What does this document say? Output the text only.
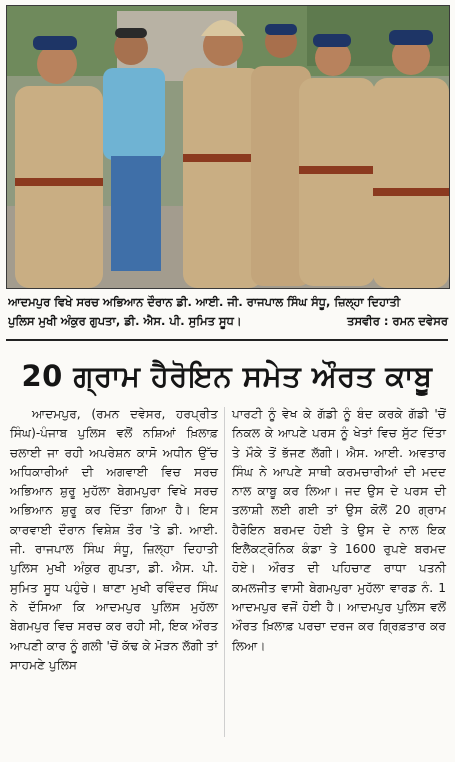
ਆਦਮਪੁਰ ਵਿਖੇ ਸਰਚ ਅਭਿਆਨ ਦੌਰਾਨ ਡੀ. ਆਈ. ਜੀ. ਰਾਜਪਾਲ ਸਿੰਘ ਸੰਧੂ, ਜ਼ਿਲ੍ਹਾ ਦਿਹਾਤੀ
ਪੁਲਿਸ ਮੁਖੀ ਅੰਕੁਰ ਗੁਪਤਾ, ਡੀ. ਐਸ. ਪੀ. ਸੁਮਿਤ ਸੂਧ।	ਤਸਵੀਰ : ਰਮਨ ਦਵੇਸਰ
20 ਗ੍ਰਾਮ ਹੈਰੋਇਨ ਸਮੇਤ ਔਰਤ ਕਾਬੂ

ਆਦਮਪੁਰ, (ਰਮਨ ਦਵੇਸਰ, ਹਰਪ੍ਰੀਤ ਸਿੰਘ)-ਪੰਜਾਬ ਪੁਲਿਸ ਵਲੋਂ ਨਸ਼ਿਆਂ ਖ਼ਿਲਾਫ਼ ਚਲਾਈ ਜਾ ਰਹੀ ਅਪਰੇਸ਼ਨ ਕਾਸੋ ਅਧੀਨ ਉੱਚ ਅਧਿਕਾਰੀਆਂ ਦੀ ਅਗਵਾਈ ਵਿਚ ਸਰਚ ਅਭਿਆਨ ਸ਼ੁਰੂ ਮੁਹੱਲਾ ਬੇਗਮਪੁਰਾ ਵਿਖੇ ਸਰਚ ਅਭਿਆਨ ਸ਼ੁਰੂ ਕਰ ਦਿੱਤਾ ਗਿਆ ਹੈ। ਇਸ ਕਾਰਵਾਈ ਦੌਰਾਨ ਵਿਸ਼ੇਸ਼ ਤੌਰ 'ਤੇ ਡੀ. ਆਈ. ਜੀ. ਰਾਜਪਾਲ ਸਿੰਘ ਸੰਧੂ, ਜ਼ਿਲ੍ਹਾ ਦਿਹਾਤੀ ਪੁਲਿਸ ਮੁਖੀ ਅੰਕੁਰ ਗੁਪਤਾ, ਡੀ. ਐਸ. ਪੀ. ਸੁਮਿਤ ਸੂਧ ਪਹੁੰਚੇ। ਥਾਣਾ ਮੁਖੀ ਰਵਿੰਦਰ ਸਿੰਘ ਨੇ ਦੱਸਿਆ ਕਿ ਆਦਮਪੁਰ ਪੁਲਿਸ ਮੁਹੱਲਾ ਬੇਗਮਪੁਰ ਵਿਚ ਸਰਚ ਕਰ ਰਹੀ ਸੀ, ਇਕ ਔਰਤ ਆਪਣੀ ਕਾਰ ਨੂੰ ਗਲੀ 'ਚੋਂ ਕੱਢ ਕੇ ਮੋੜਨ ਲੱਗੀ ਤਾਂ ਸਾਹਮਣੇ ਪੁਲਿਸ

ਪਾਰਟੀ ਨੂੰ ਵੇਖ ਕੇ ਗੱਡੀ ਨੂੰ ਬੰਦ ਕਰਕੇ ਗੱਡੀ 'ਚੋਂ ਨਿਕਲ ਕੇ ਆਪਣੇ ਪਰਸ ਨੂੰ ਖੇਤਾਂ ਵਿਚ ਸੁੱਟ ਦਿੱਤਾ ਤੇ ਮੌਕੇ ਤੋਂ ਭੱਜਣ ਲੱਗੀ। ਐਸ. ਆਈ. ਅਵਤਾਰ ਸਿੰਘ ਨੇ ਆਪਣੇ ਸਾਥੀ ਕਰਮਚਾਰੀਆਂ ਦੀ ਮਦਦ ਨਾਲ ਕਾਬੂ ਕਰ ਲਿਆ। ਜਦ ਉਸ ਦੇ ਪਰਸ ਦੀ ਤਲਾਸ਼ੀ ਲਈ ਗਈ ਤਾਂ ਉਸ ਕੋਲੋਂ 20 ਗ੍ਰਾਮ ਹੈਰੋਇਨ ਬਰਮਦ ਹੋਈ ਤੇ ਉਸ ਦੇ ਨਾਲ ਇਕ ਇਲੈਕਟ੍ਰੋਨਿਕ ਕੰਡਾ ਤੇ 1600 ਰੁਪਏ ਬਰਮਦ ਹੋਏ। ਔਰਤ ਦੀ ਪਹਿਚਾਣ ਰਾਧਾ ਪਤਨੀ ਕਮਲਜੀਤ ਵਾਸੀ ਬੇਗਮਪੁਰਾ ਮੁਹੱਲਾ ਵਾਰਡ ਨੰ. 1 ਆਦਮਪੁਰ ਵਜੋਂ ਹੋਈ ਹੈ। ਆਦਮਪੁਰ ਪੁਲਿਸ ਵਲੋਂ ਔਰਤ ਖ਼ਿਲਾਫ਼ ਪਰਚਾ ਦਰਜ ਕਰ ਗ੍ਰਿਫ਼ਤਾਰ ਕਰ ਲਿਆ।
